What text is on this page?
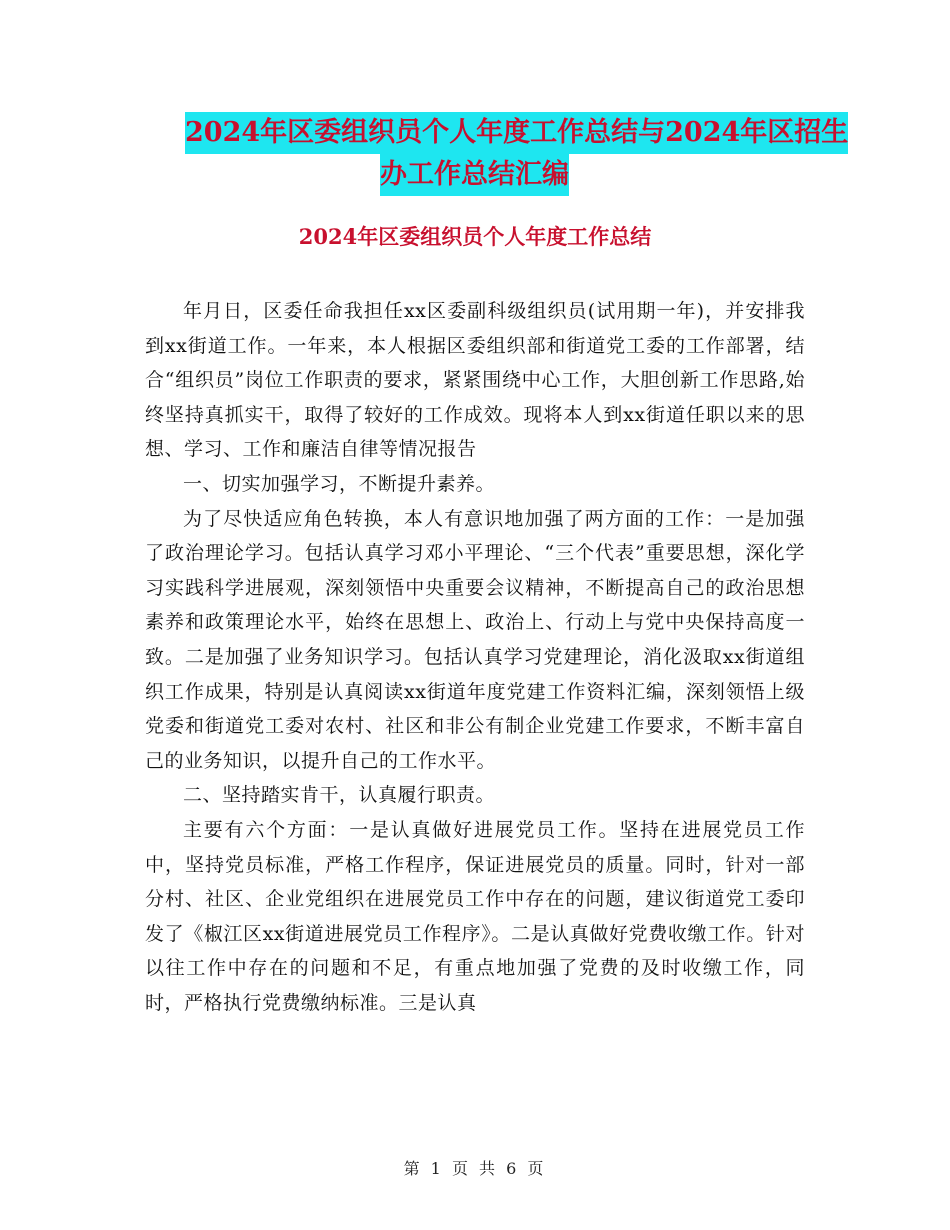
2024年区委组织员个人年度工作总结与2024年区招生
办工作总结汇编
2024年区委组织员个人年度工作总结

年月日，区委任命我担任xx区委副科级组织员(试用期一年)，并安排我到xx街道工作。一年来，本人根据区委组织部和街道党工委的工作部署，结合“组织员”岗位工作职责的要求，紧紧围绕中心工作，大胆创新工作思路,始终坚持真抓实干，取得了较好的工作成效。现将本人到xx街道任职以来的思想、学习、工作和廉洁自律等情况报告

一、切实加强学习，不断提升素养。

为了尽快适应角色转换，本人有意识地加强了两方面的工作：一是加强了政治理论学习。包括认真学习邓小平理论、“三个代表”重要思想，深化学习实践科学进展观，深刻领悟中央重要会议精神，不断提高自己的政治思想素养和政策理论水平，始终在思想上、政治上、行动上与党中央保持高度一致。二是加强了业务知识学习。包括认真学习党建理论，消化汲取xx街道组织工作成果，特别是认真阅读xx街道年度党建工作资料汇编，深刻领悟上级党委和街道党工委对农村、社区和非公有制企业党建工作要求，不断丰富自己的业务知识，以提升自己的工作水平。

二、坚持踏实肯干，认真履行职责。

主要有六个方面：一是认真做好进展党员工作。坚持在进展党员工作中，坚持党员标准，严格工作程序，保证进展党员的质量。同时，针对一部分村、社区、企业党组织在进展党员工作中存在的问题，建议街道党工委印发了《椒江区xx街道进展党员工作程序》。二是认真做好党费收缴工作。针对以往工作中存在的问题和不足，有重点地加强了党费的及时收缴工作，同时，严格执行党费缴纳标准。三是认真

第 1 页 共 6 页
